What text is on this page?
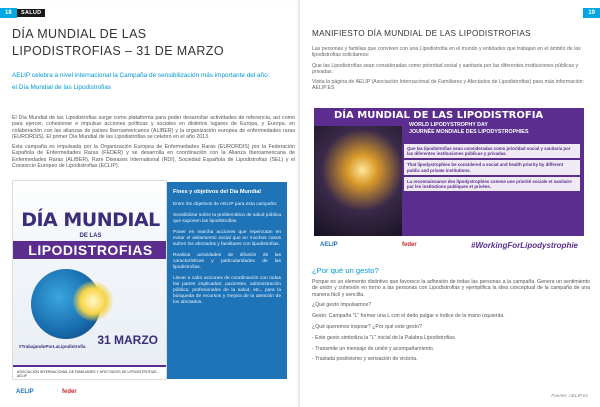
18	SALUD
DÍA MUNDIAL DE LAS
LIPODISTROFIAS – 31 DE MARZO
AELIP celebra a nivel internacional la Campaña de sensibilización más importante del año:
el Día Mundial de las Lipodistrofias

El Día Mundial de las Lipodistrofias surge como plataforma para poder desarrollar actividades de referencia, así como para ejercer, cohesionar e impulsar acciones políticas y sociales en distintos lugares de Europa, y Europa, en colaboración con las alianzas de países Iberoamericanos (ALIBER) y la organización europea de enfermedades raras (EURORDIS). El primer Día Mundial de las Lipodistrofias se celebró en el año 2013.

Esta campaña es impulsada por la Organización Europea de Enfermedades Raras (EURORDIS) por la Federación Española de Enfermedades Raras (FEDER) y se desarrolla en coordinación con la Alianza Iberoamericana de Enfermedades Raras (ALIBER), Rare Diseases International (RDI), Sociedad Española de Lipodistrofias (SEL) y el Consorcio Europeo de Lipodistrofias (ECLIP).

DÍA MUNDIAL
DE LAS
LIPODISTROFIAS
31 MARZO
#TrabajandoPorLaLipodistrofia
ASOCIACIÓN INTERNACIONAL DE FAMILIARES Y AFECTADOS DE LIPODISTROFIAS - AELIP
Fines y objetivos del Día Mundial

Entre los objetivos de AELIP para esta campaña:

Sensibilizar sobre la problemática de salud pública que suponen las lipodistrofias.

Poner en marcha acciones que repercutan en evitar el aislamiento social que en muchos casos sufren los afectados y familiares con lipodistrofias.

Realizar actividades de difusión de las características y particularidades de las lipodistrofias.

Llevar a cabo acciones de coordinación con todas las partes implicadas: pacientes, administración pública, profesionales de la salud, etc., para la búsqueda de recursos y mejora de la atención de los afectados.

AELIP	feder
19
MANIFIESTO DÍA MUNDIAL DE LAS LIPODISTROFIAS

Las personas y familias que conviven con una Lipodistrofia en el mundo y entidades que trabajan en el ámbito de las lipodistrofias solicitamos:

Que las Lipodistrofias sean consideradas como prioridad social y sanitaria por las diferentes instituciones públicas y privadas.

Visita la página de AELIP (Asociación Internacional de Familiares y Afectados de Lipodistrofias) para más información: AELIP.ES

DÍA MUNDIAL DE LAS LIPODISTROFIA
WORLD LIPODYSTROPHY DAY
JOURNÉE MONDIALE DES LIPODYSTROPHIES
Que las lipodistrofias sean consideradas como prioridad social y sanitaria por las diferentes instituciones públicas y privadas.
That lipodystrophies be considered a social and health priority by different public and private institutions.
La reconnaissance des lipodystrophies comme une priorité sociale et sanitaire par les institutions publiques et privées.
AELIP	feder	#WorkingForLipodystrophie
¿Por qué un gesto?

Porque es un elemento distintivo que favorece la adhesión de todas las personas a la campaña. Genera un sentimiento de unión y cohesión en torno a las personas con Lipodistrofias y ejemplifica la idea conceptual de la campaña de una manera fácil y sencilla.

¿Qué gesto impulsamos?

Gesto: Campaña "L" formar una L con el dedo pulgar e índice de la mano izquierda.

¿Qué queremos inspirar? ¿Por qué este gesto?

- Este gesto simboliza la "L" inicial de la Palabra Lipodistrofias.

- Transmite un mensaje de unión y acompañamiento.

- Traslada positivismo y sensación de victoria.

Fuente: AELIP.es
